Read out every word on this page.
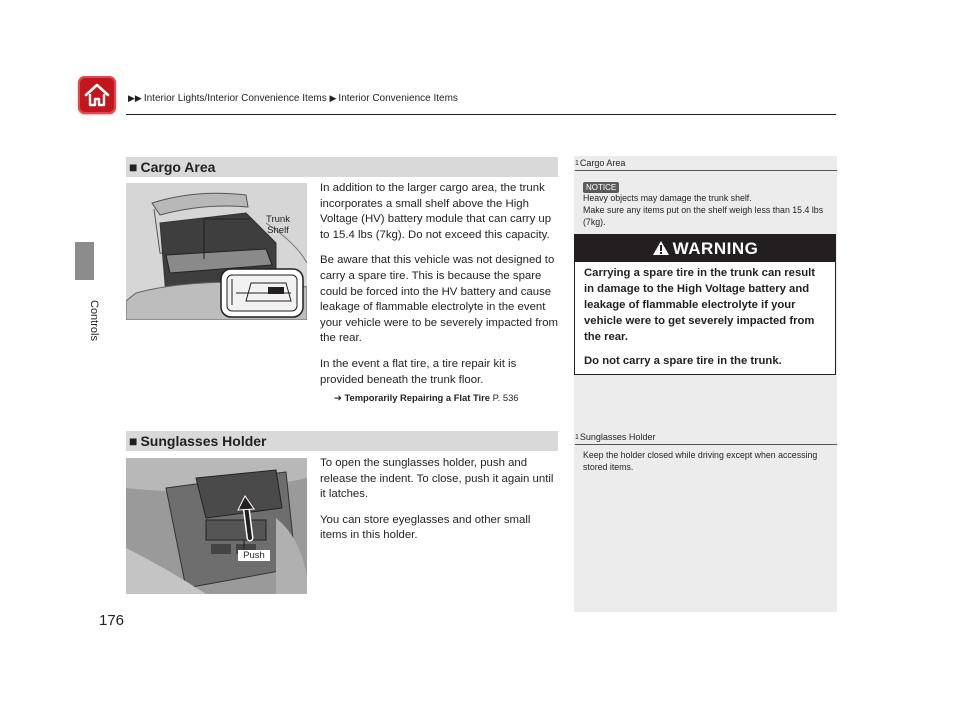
▶▶ Interior Lights/Interior Convenience Items ▶ Interior Convenience Items
Controls
176
■ Cargo Area
Trunk
Shelf

In addition to the larger cargo area, the trunk incorporates a small shelf above the High Voltage (HV) battery module that can carry up to 15.4 lbs (7kg). Do not exceed this capacity.

Be aware that this vehicle was not designed to carry a spare tire. This is because the spare could be forced into the HV battery and cause leakage of flammable electrolyte in the event your vehicle were to be severely impacted from the rear.

In the event a flat tire, a tire repair kit is provided beneath the trunk floor.

➔ Temporarily Repairing a Flat Tire P. 536
■ Sunglasses Holder
Push

To open the sunglasses holder, push and release the indent. To close, push it again until it latches.

You can store eyeglasses and other small items in this holder.

1Cargo Area
NOTICE
Heavy objects may damage the trunk shelf.
Make sure any items put on the shelf weigh less than 15.4 lbs (7kg).
WARNING

Carrying a spare tire in the trunk can result in damage to the High Voltage battery and leakage of flammable electrolyte if your vehicle were to get severely impacted from the rear.

Do not carry a spare tire in the trunk.

1Sunglasses Holder
Keep the holder closed while driving except when accessing stored items.
